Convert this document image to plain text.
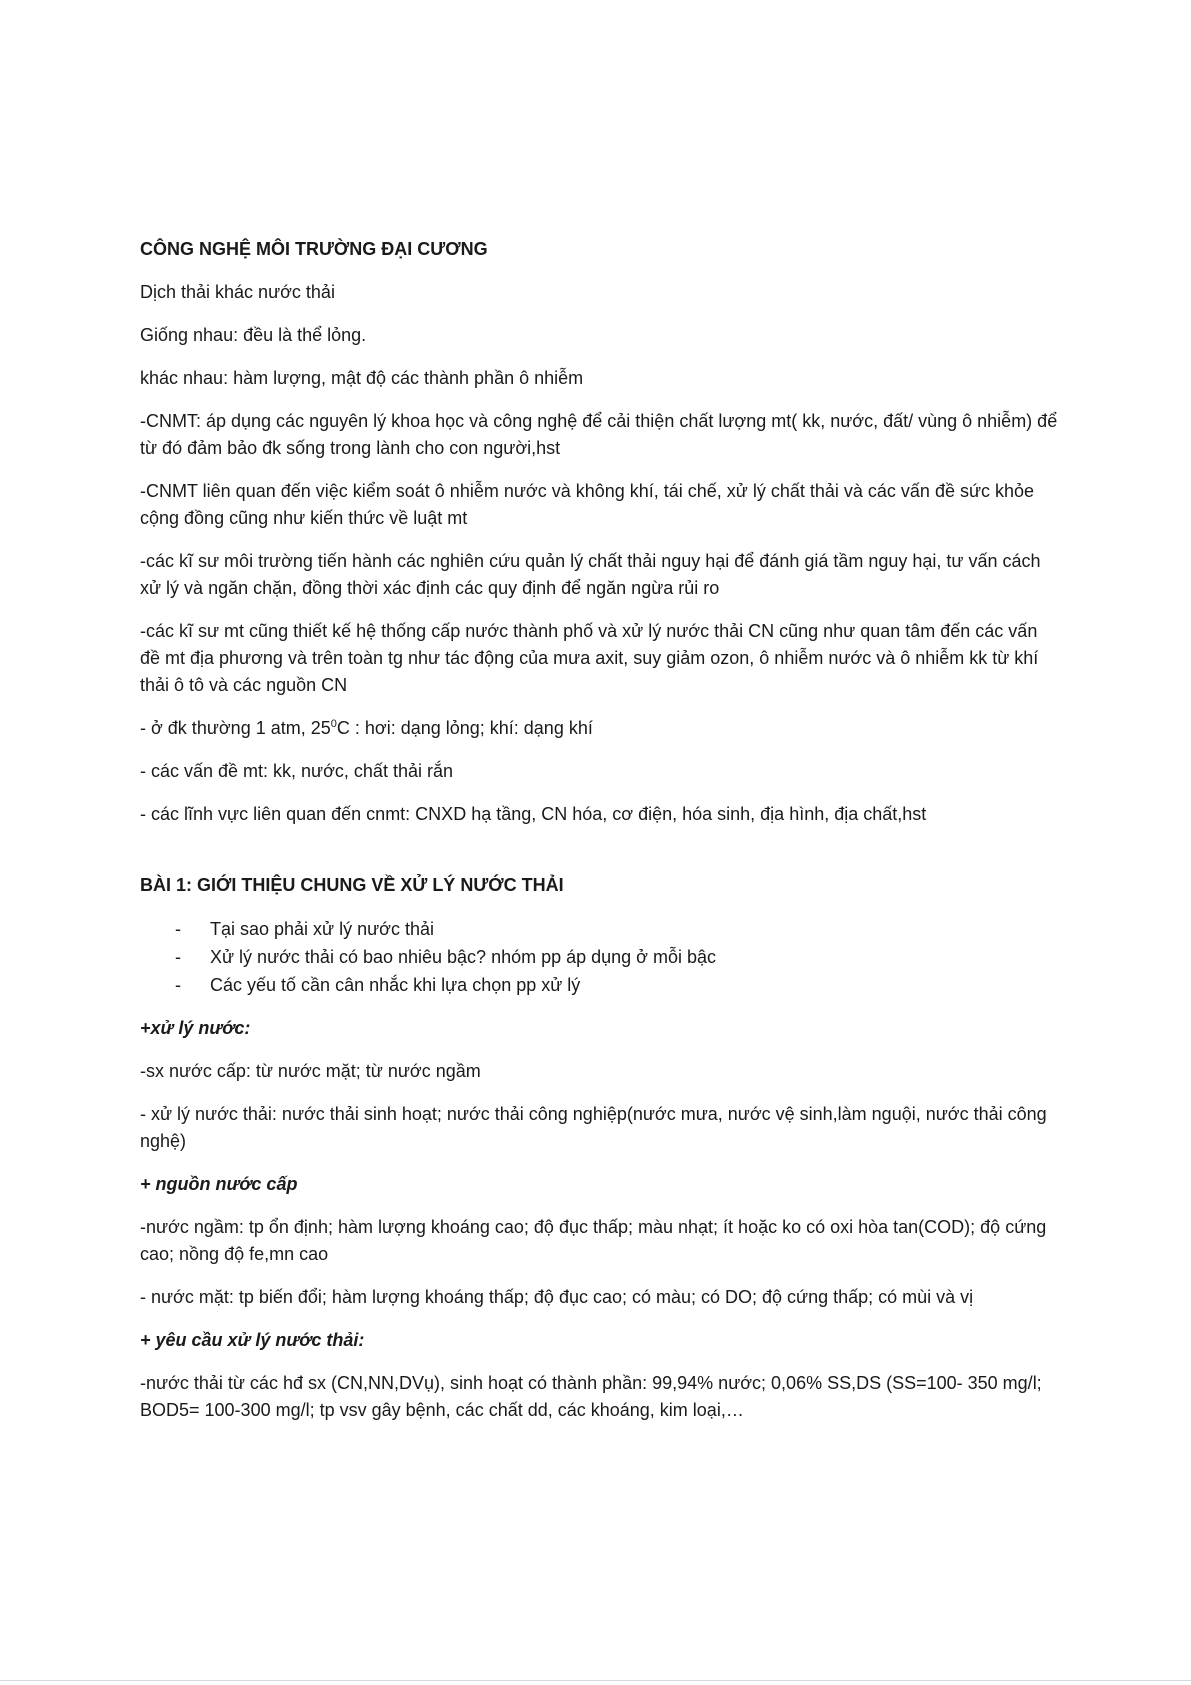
CÔNG NGHỆ MÔI TRƯỜNG ĐẠI CƯƠNG

Dịch thải khác nước thải

Giống nhau: đều là thể lỏng.

khác nhau: hàm lượng, mật độ các thành phần ô nhiễm

-CNMT: áp dụng các nguyên lý khoa học và công nghệ để cải thiện chất lượng mt( kk, nước, đất/ vùng ô nhiễm) để từ đó đảm bảo đk sống trong lành cho con người,hst

-CNMT liên quan đến việc kiểm soát ô nhiễm nước và không khí, tái chế, xử lý chất thải và các vấn đề sức khỏe cộng đồng cũng như kiến thức về luật mt

-các kĩ sư môi trường tiến hành các nghiên cứu quản lý chất thải nguy hại để đánh giá tầm nguy hại, tư vấn cách xử lý và ngăn chặn, đồng thời xác định các quy định để ngăn ngừa rủi ro

-các kĩ sư mt cũng thiết kế hệ thống cấp nước thành phố và xử lý nước thải CN cũng như quan tâm đến các vấn đề mt địa phương và trên toàn tg như tác động của mưa axit, suy giảm ozon, ô nhiễm nước và ô nhiễm kk từ khí thải ô tô và các nguồn CN

- ở đk thường 1 atm, $25^0C$ : hơi: dạng lỏng; khí: dạng khí

- các vấn đề mt: kk, nước, chất thải rắn

- các lĩnh vực liên quan đến cnmt: CNXD hạ tầng, CN hóa, cơ điện, hóa sinh, địa hình, địa chất,hst

BÀI 1: GIỚI THIỆU CHUNG VỀ XỬ LÝ NƯỚC THẢI

- Tại sao phải xử lý nước thải
- Xử lý nước thải có bao nhiêu bậc? nhóm pp áp dụng ở mỗi bậc
- Các yếu tố cần cân nhắc khi lựa chọn pp xử lý

+xử lý nước:

-sx nước cấp: từ nước mặt; từ nước ngầm

- xử lý nước thải: nước thải sinh hoạt; nước thải công nghiệp(nước mưa, nước vệ sinh,làm nguội, nước thải công nghệ)

+ nguồn nước cấp

-nước ngầm: tp ổn định; hàm lượng khoáng cao; độ đục thấp; màu nhạt; ít hoặc ko có oxi hòa tan(COD); độ cứng cao; nồng độ fe,mn cao

- nước mặt: tp biến đổi; hàm lượng khoáng thấp; độ đục cao; có màu; có DO; độ cứng thấp; có mùi và vị

+ yêu cầu xử lý nước thải:

-nước thải từ các hđ sx (CN,NN,DVụ), sinh hoạt có thành phần: 99,94% nước; 0,06% SS,DS (SS=100- 350 mg/l; BOD5= 100-300 mg/l; tp vsv gây bệnh, các chất dd, các khoáng, kim loại,…
